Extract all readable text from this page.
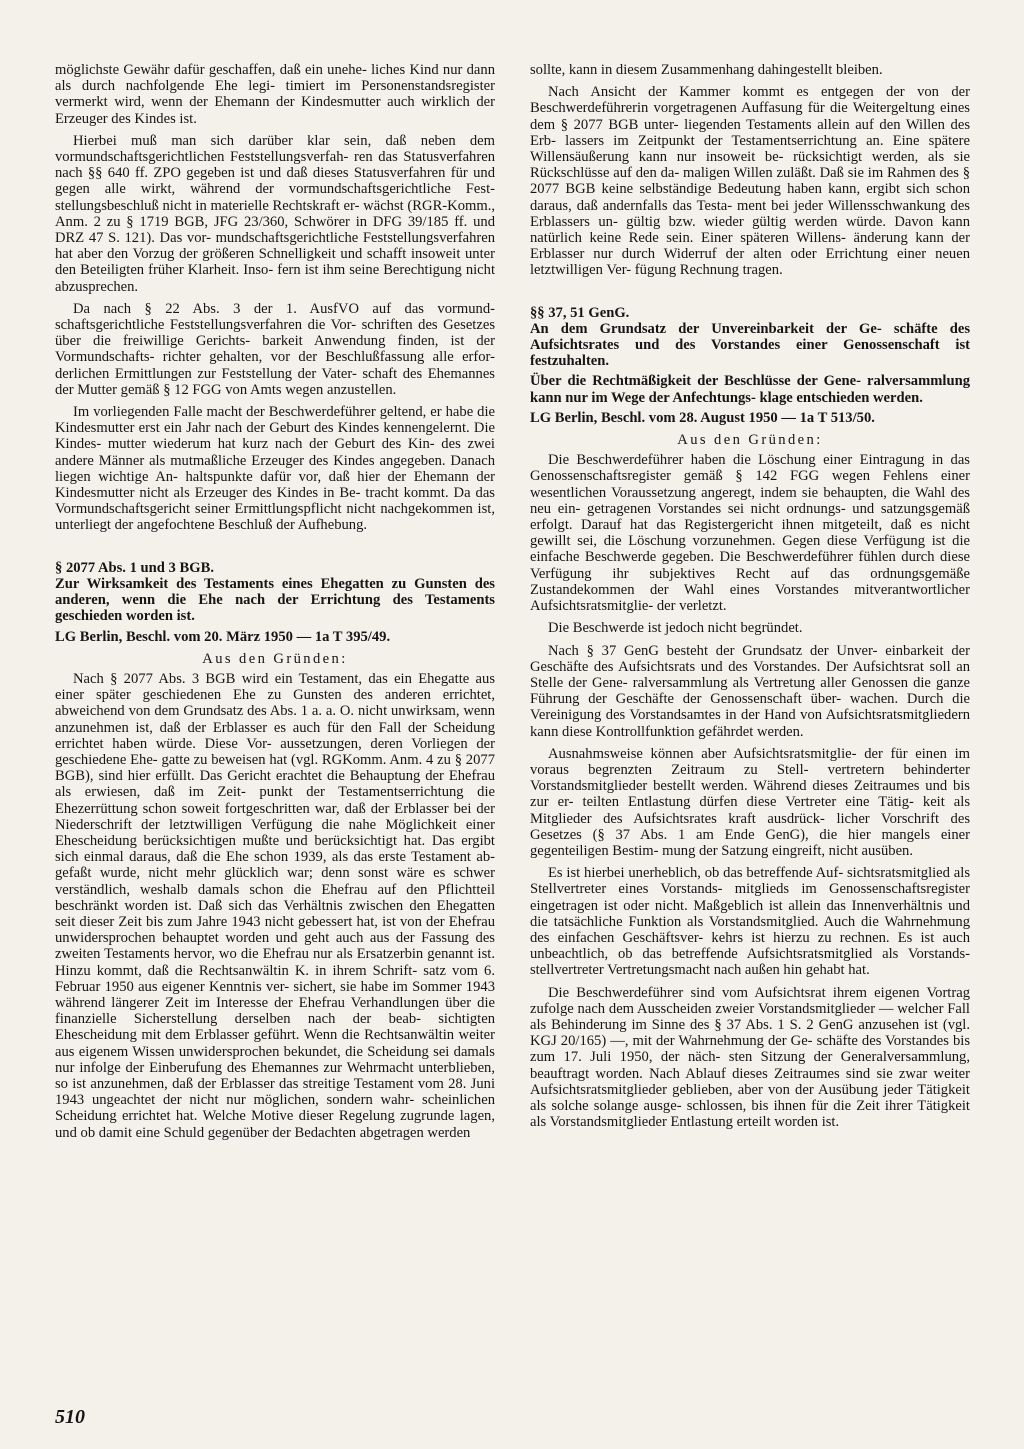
möglichste Gewähr dafür geschaffen, daß ein unehe- liches Kind nur dann als durch nachfolgende Ehe legi- timiert im Personenstandsregister vermerkt wird, wenn der Ehemann der Kindesmutter auch wirklich der Erzeuger des Kindes ist.

Hierbei muß man sich darüber klar sein, daß neben dem vormundschaftsgerichtlichen Feststellungsverfah- ren das Statusverfahren nach §§ 640 ff. ZPO gegeben ist und daß dieses Statusverfahren für und gegen alle wirkt, während der vormundschaftsgerichtliche Fest- stellungsbeschluß nicht in materielle Rechtskraft er- wächst (RGR-Komm., Anm. 2 zu § 1719 BGB, JFG 23/360, Schwörer in DFG 39/185 ff. und DRZ 47 S. 121). Das vor- mundschaftsgerichtliche Feststellungsverfahren hat aber den Vorzug der größeren Schnelligkeit und schafft insoweit unter den Beteiligten früher Klarheit. Inso- fern ist ihm seine Berechtigung nicht abzusprechen.

Da nach § 22 Abs. 3 der 1. AusfVO auf das vormund- schaftsgerichtliche Feststellungsverfahren die Vor- schriften des Gesetzes über die freiwillige Gerichts- barkeit Anwendung finden, ist der Vormundschafts- richter gehalten, vor der Beschlußfassung alle erfor- derlichen Ermittlungen zur Feststellung der Vater- schaft des Ehemannes der Mutter gemäß § 12 FGG von Amts wegen anzustellen.

Im vorliegenden Falle macht der Beschwerdeführer geltend, er habe die Kindesmutter erst ein Jahr nach der Geburt des Kindes kennengelernt. Die Kindes- mutter wiederum hat kurz nach der Geburt des Kin- des zwei andere Männer als mutmaßliche Erzeuger des Kindes angegeben. Danach liegen wichtige An- haltspunkte dafür vor, daß hier der Ehemann der Kindesmutter nicht als Erzeuger des Kindes in Be- tracht kommt. Da das Vormundschaftsgericht seiner Ermittlungspflicht nicht nachgekommen ist, unterliegt der angefochtene Beschluß der Aufhebung.

§ 2077 Abs. 1 und 3 BGB.

Zur Wirksamkeit des Testaments eines Ehegatten zu Gunsten des anderen, wenn die Ehe nach der Errichtung des Testaments geschieden worden ist.

LG Berlin, Beschl. vom 20. März 1950 — 1a T 395/49.

Aus den Gründen:

Nach § 2077 Abs. 3 BGB wird ein Testament, das ein Ehegatte aus einer später geschiedenen Ehe zu Gunsten des anderen errichtet, abweichend von dem Grundsatz des Abs. 1 a. a. O. nicht unwirksam, wenn anzunehmen ist, daß der Erblasser es auch für den Fall der Scheidung errichtet haben würde. Diese Vor- aussetzungen, deren Vorliegen der geschiedene Ehe- gatte zu beweisen hat (vgl. RGKomm. Anm. 4 zu § 2077 BGB), sind hier erfüllt. Das Gericht erachtet die Behauptung der Ehefrau als erwiesen, daß im Zeit- punkt der Testamentserrichtung die Ehezerrüttung schon soweit fortgeschritten war, daß der Erblasser bei der Niederschrift der letztwilligen Verfügung die nahe Möglichkeit einer Ehescheidung berücksichtigen mußte und berücksichtigt hat. Das ergibt sich einmal daraus, daß die Ehe schon 1939, als das erste Testament ab- gefaßt wurde, nicht mehr glücklich war; denn sonst wäre es schwer verständlich, weshalb damals schon die Ehefrau auf den Pflichtteil beschränkt worden ist. Daß sich das Verhältnis zwischen den Ehegatten seit dieser Zeit bis zum Jahre 1943 nicht gebessert hat, ist von der Ehefrau unwidersprochen behauptet worden und geht auch aus der Fassung des zweiten Testaments hervor, wo die Ehefrau nur als Ersatzerbin genannt ist. Hinzu kommt, daß die Rechtsanwältin K. in ihrem Schrift- satz vom 6. Februar 1950 aus eigener Kenntnis ver- sichert, sie habe im Sommer 1943 während längerer Zeit im Interesse der Ehefrau Verhandlungen über die finanzielle Sicherstellung derselben nach der beab- sichtigten Ehescheidung mit dem Erblasser geführt. Wenn die Rechtsanwältin weiter aus eigenem Wissen unwidersprochen bekundet, die Scheidung sei damals nur infolge der Einberufung des Ehemannes zur Wehrmacht unterblieben, so ist anzunehmen, daß der Erblasser das streitige Testament vom 28. Juni 1943 ungeachtet der nicht nur möglichen, sondern wahr- scheinlichen Scheidung errichtet hat. Welche Motive dieser Regelung zugrunde lagen, und ob damit eine Schuld gegenüber der Bedachten abgetragen werden

sollte, kann in diesem Zusammenhang dahingestellt bleiben.

Nach Ansicht der Kammer kommt es entgegen der von der Beschwerdeführerin vorgetragenen Auffasung für die Weitergeltung eines dem § 2077 BGB unter- liegenden Testaments allein auf den Willen des Erb- lassers im Zeitpunkt der Testamentserrichtung an. Eine spätere Willensäußerung kann nur insoweit be- rücksichtigt werden, als sie Rückschlüsse auf den da- maligen Willen zuläßt. Daß sie im Rahmen des § 2077 BGB keine selbständige Bedeutung haben kann, ergibt sich schon daraus, daß andernfalls das Testa- ment bei jeder Willensschwankung des Erblassers un- gültig bzw. wieder gültig werden würde. Davon kann natürlich keine Rede sein. Einer späteren Willens- änderung kann der Erblasser nur durch Widerruf der alten oder Errichtung einer neuen letztwilligen Ver- fügung Rechnung tragen.

§§ 37, 51 GenG.

An dem Grundsatz der Unvereinbarkeit der Ge- schäfte des Aufsichtsrates und des Vorstandes einer Genossenschaft ist festzuhalten.

Über die Rechtmäßigkeit der Beschlüsse der Gene- ralversammlung kann nur im Wege der Anfechtungs- klage entschieden werden.

LG Berlin, Beschl. vom 28. August 1950 — 1a T 513/50.

Aus den Gründen:

Die Beschwerdeführer haben die Löschung einer Eintragung in das Genossenschaftsregister gemäß § 142 FGG wegen Fehlens einer wesentlichen Voraussetzung angeregt, indem sie behaupten, die Wahl des neu ein- getragenen Vorstandes sei nicht ordnungs- und satzungsgemäß erfolgt. Darauf hat das Registergericht ihnen mitgeteilt, daß es nicht gewillt sei, die Löschung vorzunehmen. Gegen diese Verfügung ist die einfache Beschwerde gegeben. Die Beschwerdeführer fühlen durch diese Verfügung ihr subjektives Recht auf das ordnungsgemäße Zustandekommen der Wahl eines Vorstandes mitverantwortlicher Aufsichtsratsmitglie- der verletzt.

Die Beschwerde ist jedoch nicht begründet.

Nach § 37 GenG besteht der Grundsatz der Unver- einbarkeit der Geschäfte des Aufsichtsrats und des Vorstandes. Der Aufsichtsrat soll an Stelle der Gene- ralversammlung als Vertretung aller Genossen die ganze Führung der Geschäfte der Genossenschaft über- wachen. Durch die Vereinigung des Vorstandsamtes in der Hand von Aufsichtsratsmitgliedern kann diese Kontrollfunktion gefährdet werden.

Ausnahmsweise können aber Aufsichtsratsmitglie- der für einen im voraus begrenzten Zeitraum zu Stell- vertretern behinderter Vorstandsmitglieder bestellt werden. Während dieses Zeitraumes und bis zur er- teilten Entlastung dürfen diese Vertreter eine Tätig- keit als Mitglieder des Aufsichtsrates kraft ausdrück- licher Vorschrift des Gesetzes (§ 37 Abs. 1 am Ende GenG), die hier mangels einer gegenteiligen Bestim- mung der Satzung eingreift, nicht ausüben.

Es ist hierbei unerheblich, ob das betreffende Auf- sichtsratsmitglied als Stellvertreter eines Vorstands- mitglieds im Genossenschaftsregister eingetragen ist oder nicht. Maßgeblich ist allein das Innenverhältnis und die tatsächliche Funktion als Vorstandsmitglied. Auch die Wahrnehmung des einfachen Geschäftsver- kehrs ist hierzu zu rechnen. Es ist auch unbeachtlich, ob das betreffende Aufsichtsratsmitglied als Vorstands- stellvertreter Vertretungsmacht nach außen hin gehabt hat.

Die Beschwerdeführer sind vom Aufsichtsrat ihrem eigenen Vortrag zufolge nach dem Ausscheiden zweier Vorstandsmitglieder — welcher Fall als Behinderung im Sinne des § 37 Abs. 1 S. 2 GenG anzusehen ist (vgl. KGJ 20/165) —, mit der Wahrnehmung der Ge- schäfte des Vorstandes bis zum 17. Juli 1950, der näch- sten Sitzung der Generalversammlung, beauftragt worden. Nach Ablauf dieses Zeitraumes sind sie zwar weiter Aufsichtsratsmitglieder geblieben, aber von der Ausübung jeder Tätigkeit als solche solange ausge- schlossen, bis ihnen für die Zeit ihrer Tätigkeit als Vorstandsmitglieder Entlastung erteilt worden ist.

510
